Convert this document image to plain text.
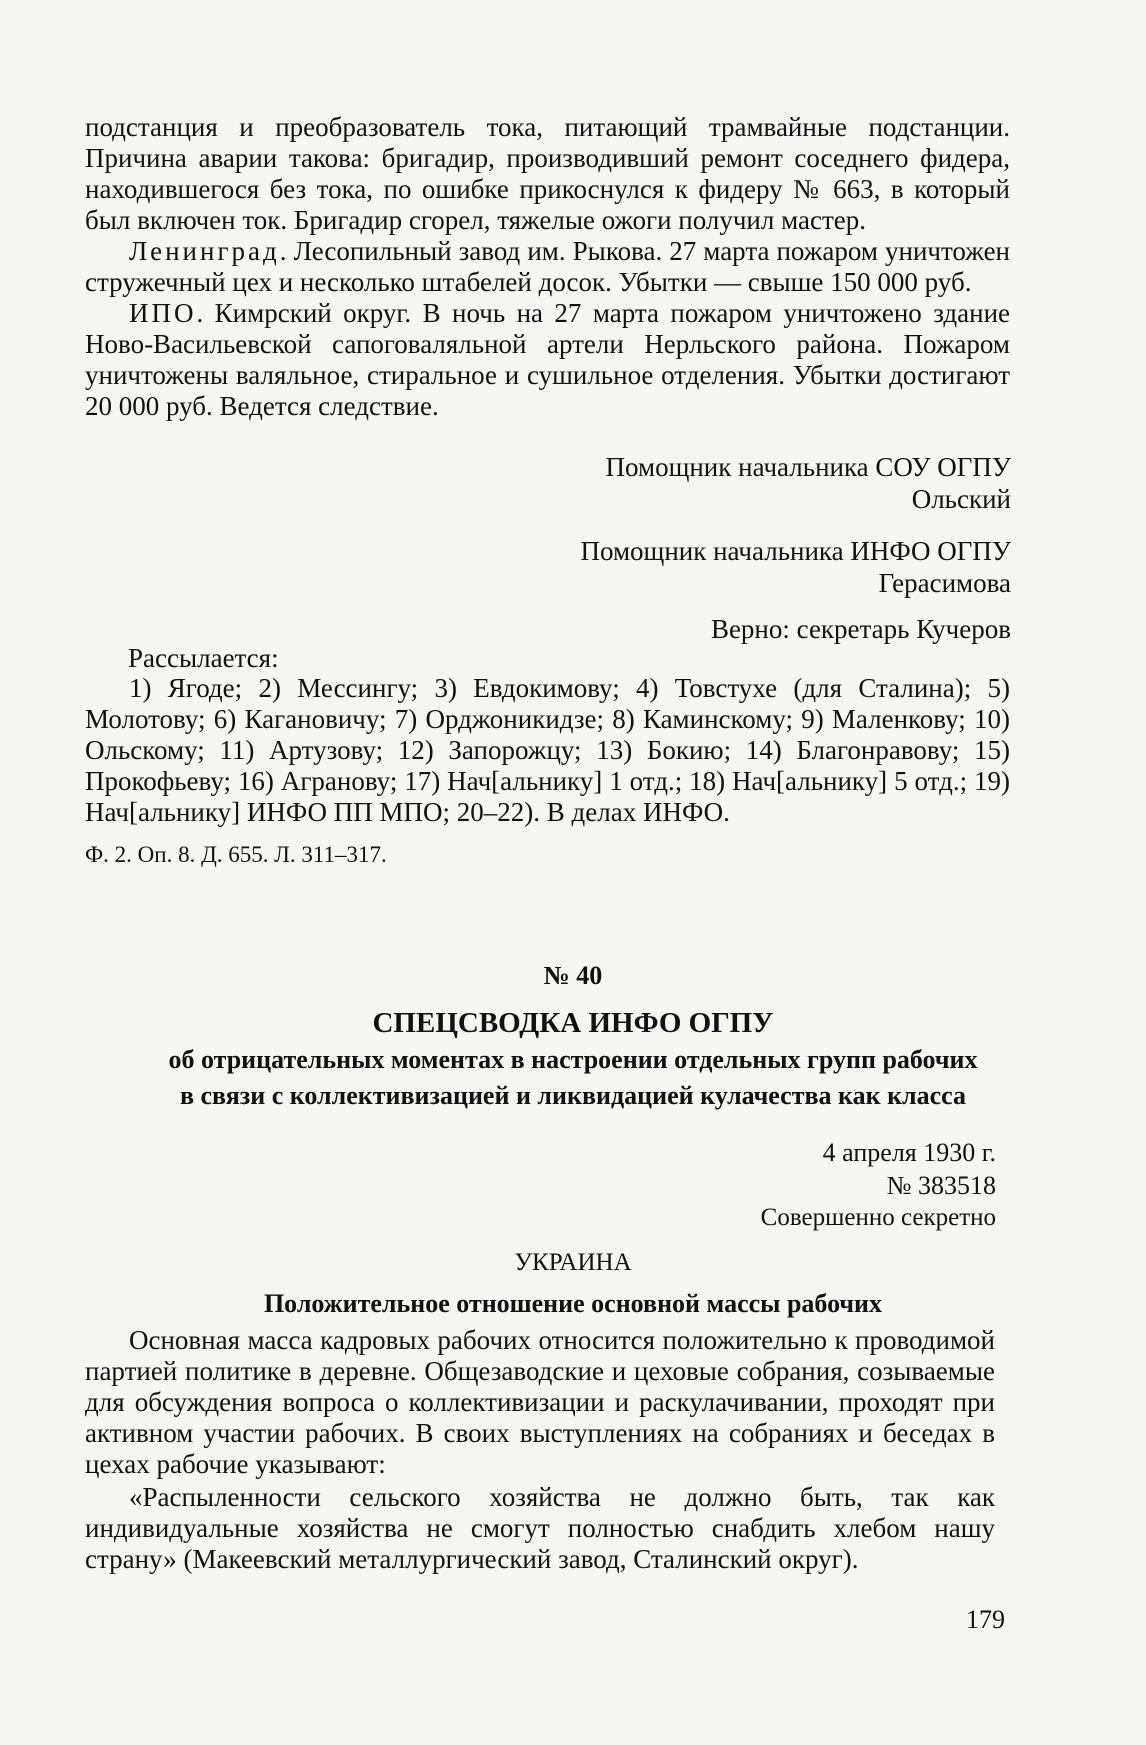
подстанция и преобразователь тока, питающий трамвайные подстанции. Причина аварии такова: бригадир, производивший ремонт соседнего фидера, находившегося без тока, по ошибке прикоснулся к фидеру № 663, в который был включен ток. Бригадир сгорел, тяжелые ожоги получил мастер.

Ленинград. Лесопильный завод им. Рыкова. 27 марта пожаром уничтожен стружечный цех и несколько штабелей досок. Убытки — свыше 150 000 руб.

ИПО. Кимрский округ. В ночь на 27 марта пожаром уничтожено здание Ново-Васильевской сапоговаляльной артели Нерльского района. Пожаром уничтожены валяльное, стиральное и сушильное отделения. Убытки достигают 20 000 руб. Ведется следствие.

Помощник начальника СОУ ОГПУ

Ольский

Помощник начальника ИНФО ОГПУ

Герасимова

Верно: секретарь Кучеров

Рассылается:

1) Ягоде; 2) Мессингу; 3) Евдокимову; 4) Товстухе (для Сталина); 5) Молотову; 6) Кагановичу; 7) Орджоникидзе; 8) Каминскому; 9) Маленкову; 10) Ольскому; 11) Артузову; 12) Запорожцу; 13) Бокию; 14) Благонравову; 15) Прокофьеву; 16) Агранову; 17) Нач[альнику] 1 отд.; 18) Нач[альнику] 5 отд.; 19) Нач[альнику] ИНФО ПП МПО; 20–22). В делах ИНФО.

Ф. 2. Оп. 8. Д. 655. Л. 311–317.

№ 40

СПЕЦСВОДКА ИНФО ОГПУ

об отрицательных моментах в настроении отдельных групп рабочих

в связи с коллективизацией и ликвидацией кулачества как класса

4 апреля 1930 г.

№ 383518

Совершенно секретно

УКРАИНА

Положительное отношение основной массы рабочих

Основная масса кадровых рабочих относится положительно к проводимой партией политике в деревне. Общезаводские и цеховые собрания, созываемые для обсуждения вопроса о коллективизации и раскулачивании, проходят при активном участии рабочих. В своих выступлениях на собраниях и беседах в цехах рабочие указывают:

«Распыленности сельского хозяйства не должно быть, так как индивидуальные хозяйства не смогут полностью снабдить хлебом нашу страну» (Макеевский металлургический завод, Сталинский округ).

179
